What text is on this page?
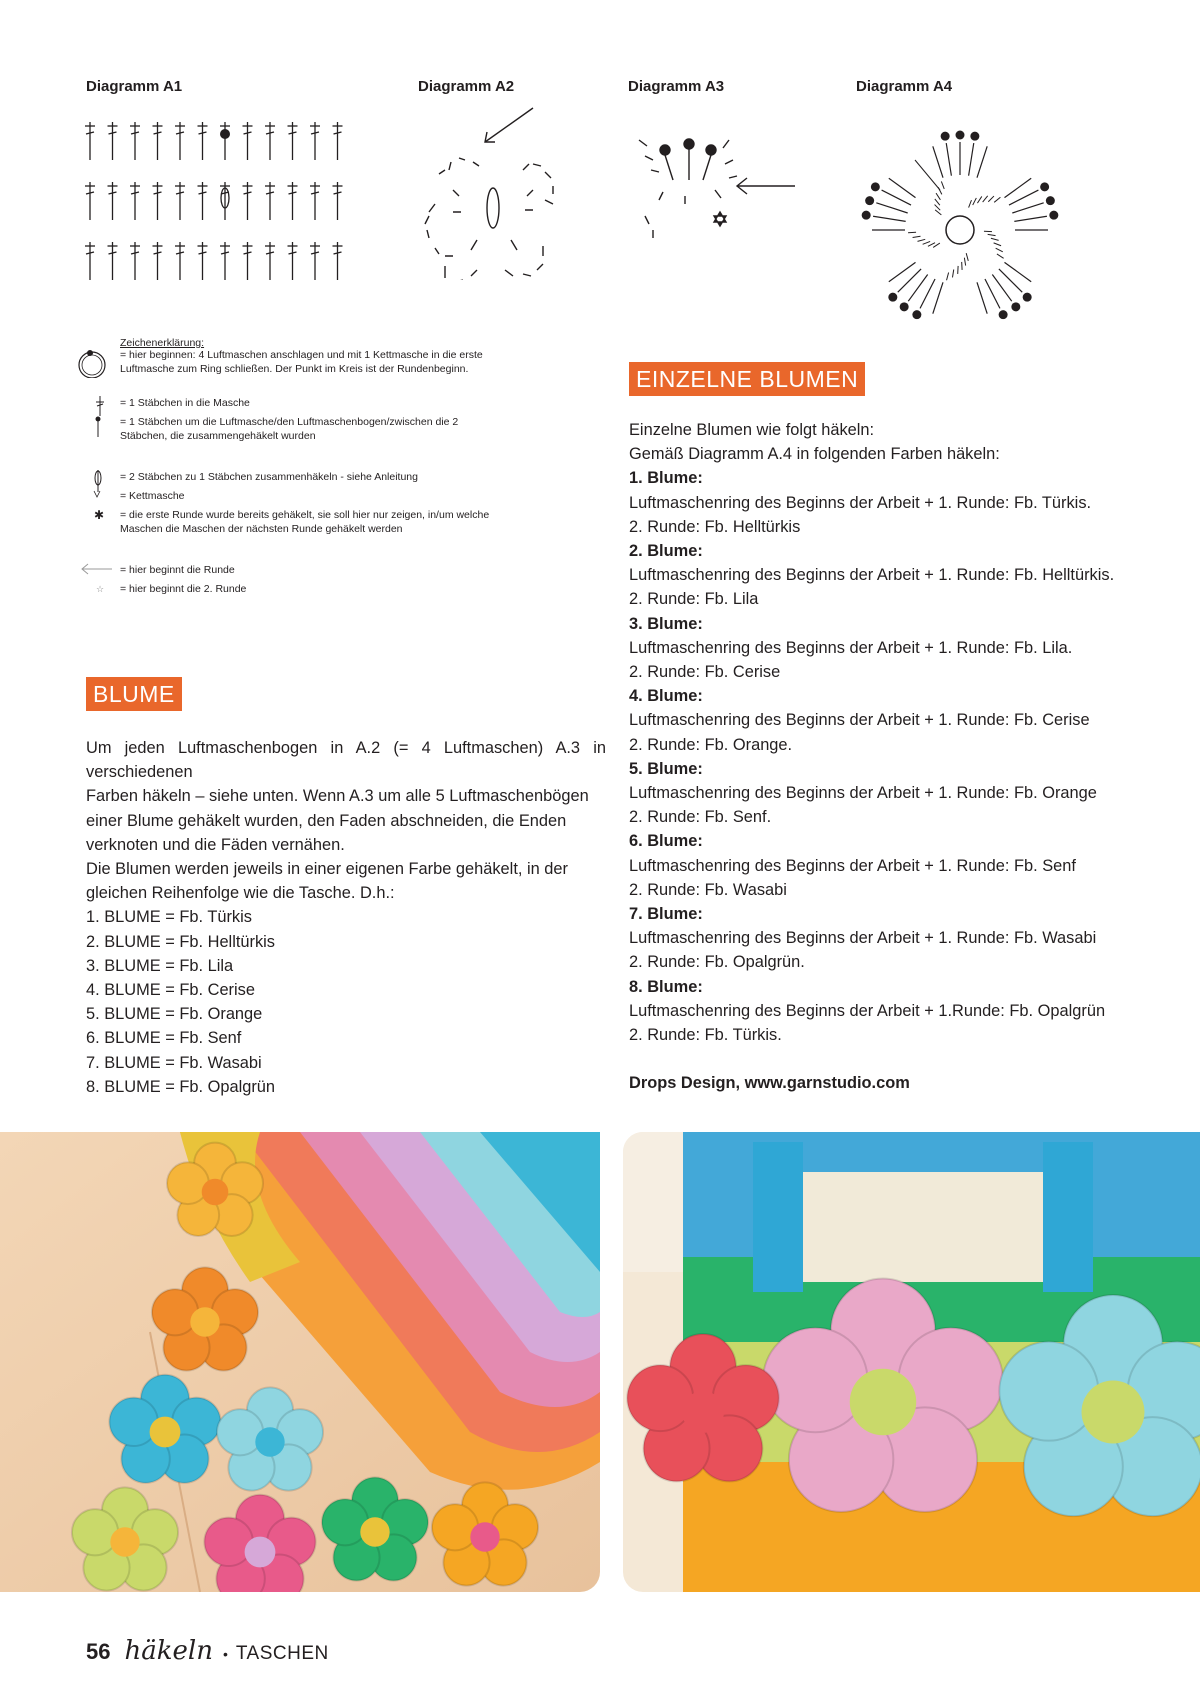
Diagramm A1	Diagramm A2	Diagramm A3	Diagramm A4
Zeichenerklärung:
= hier beginnen: 4 Luftmaschen anschlagen und mit 1 Kettmasche in die erste Luftmasche zum Ring schließen. Der Punkt im Kreis ist der Rundenbeginn.
= 1 Stäbchen in die Masche
= 1 Stäbchen um die Luftmasche/den Luftmaschenbogen/zwischen die 2 Stäbchen, die zusammengehäkelt wurden
= 2 Stäbchen zu 1 Stäbchen zusammenhäkeln - siehe Anleitung
= Kettmasche
✱ = die erste Runde wurde bereits gehäkelt, sie soll hier nur zeigen, in/um welche Maschen die Maschen der nächsten Runde gehäkelt werden
= hier beginnt die Runde
☆ = hier beginnt die 2. Runde
BLUME

Um jeden Luftmaschenbogen in A.2 (= 4 Luftmaschen) A.3 in verschiedenen

Farben häkeln – siehe unten. Wenn A.3 um alle 5 Luftmaschenbögen einer Blume gehäkelt wurden, den Faden abschneiden, die Enden verknoten und die Fäden vernähen.

Die Blumen werden jeweils in einer eigenen Farbe gehäkelt, in der gleichen Reihenfolge wie die Tasche. D.h.:

1. BLUME = Fb. Türkis

2. BLUME = Fb. Helltürkis

3. BLUME = Fb. Lila

4. BLUME = Fb. Cerise

5. BLUME = Fb. Orange

6. BLUME = Fb. Senf

7. BLUME = Fb. Wasabi

8. BLUME = Fb. Opalgrün

EINZELNE BLUMEN

Einzelne Blumen wie folgt häkeln:

Gemäß Diagramm A.4 in folgenden Farben häkeln:

1. Blume:

Luftmaschenring des Beginns der Arbeit + 1. Runde: Fb. Türkis.

2. Runde: Fb. Helltürkis

2. Blume:

Luftmaschenring des Beginns der Arbeit + 1. Runde: Fb. Helltürkis.

2. Runde: Fb. Lila

3. Blume:

Luftmaschenring des Beginns der Arbeit + 1. Runde: Fb. Lila.

2. Runde: Fb. Cerise

4. Blume:

Luftmaschenring des Beginns der Arbeit + 1. Runde: Fb. Cerise

2. Runde: Fb. Orange.

5. Blume:

Luftmaschenring des Beginns der Arbeit + 1. Runde: Fb. Orange

2. Runde: Fb. Senf.

6. Blume:

Luftmaschenring des Beginns der Arbeit + 1. Runde: Fb. Senf

2. Runde: Fb. Wasabi

7. Blume:

Luftmaschenring des Beginns der Arbeit + 1. Runde: Fb. Wasabi

2. Runde: Fb. Opalgrün.

8. Blume:

Luftmaschenring des Beginns der Arbeit + 1.Runde: Fb. Opalgrün

2. Runde: Fb. Türkis.

Drops Design, www.garnstudio.com

56 häkeln • TASCHEN
